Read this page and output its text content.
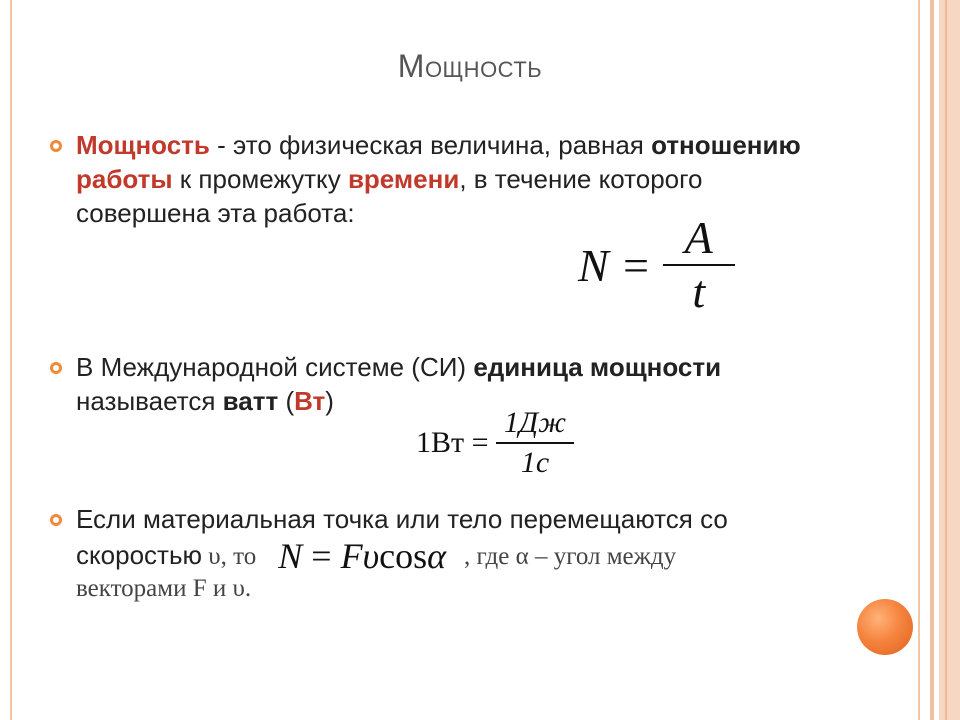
Мощность
Мощность - это физическая величина, равная отношению
работы к промежутку времени, в течение которого
совершена эта работа:
$N = \frac{A}{t}$
В Международной системе (СИ) единица мощности
называется ватт (Вт)
$1Вт = \frac{1Дж}{1с}$
Если материальная точка или тело перемещаются со
скоростью υ, то N = Fυcosα , где α – угол между
векторами F и υ.
